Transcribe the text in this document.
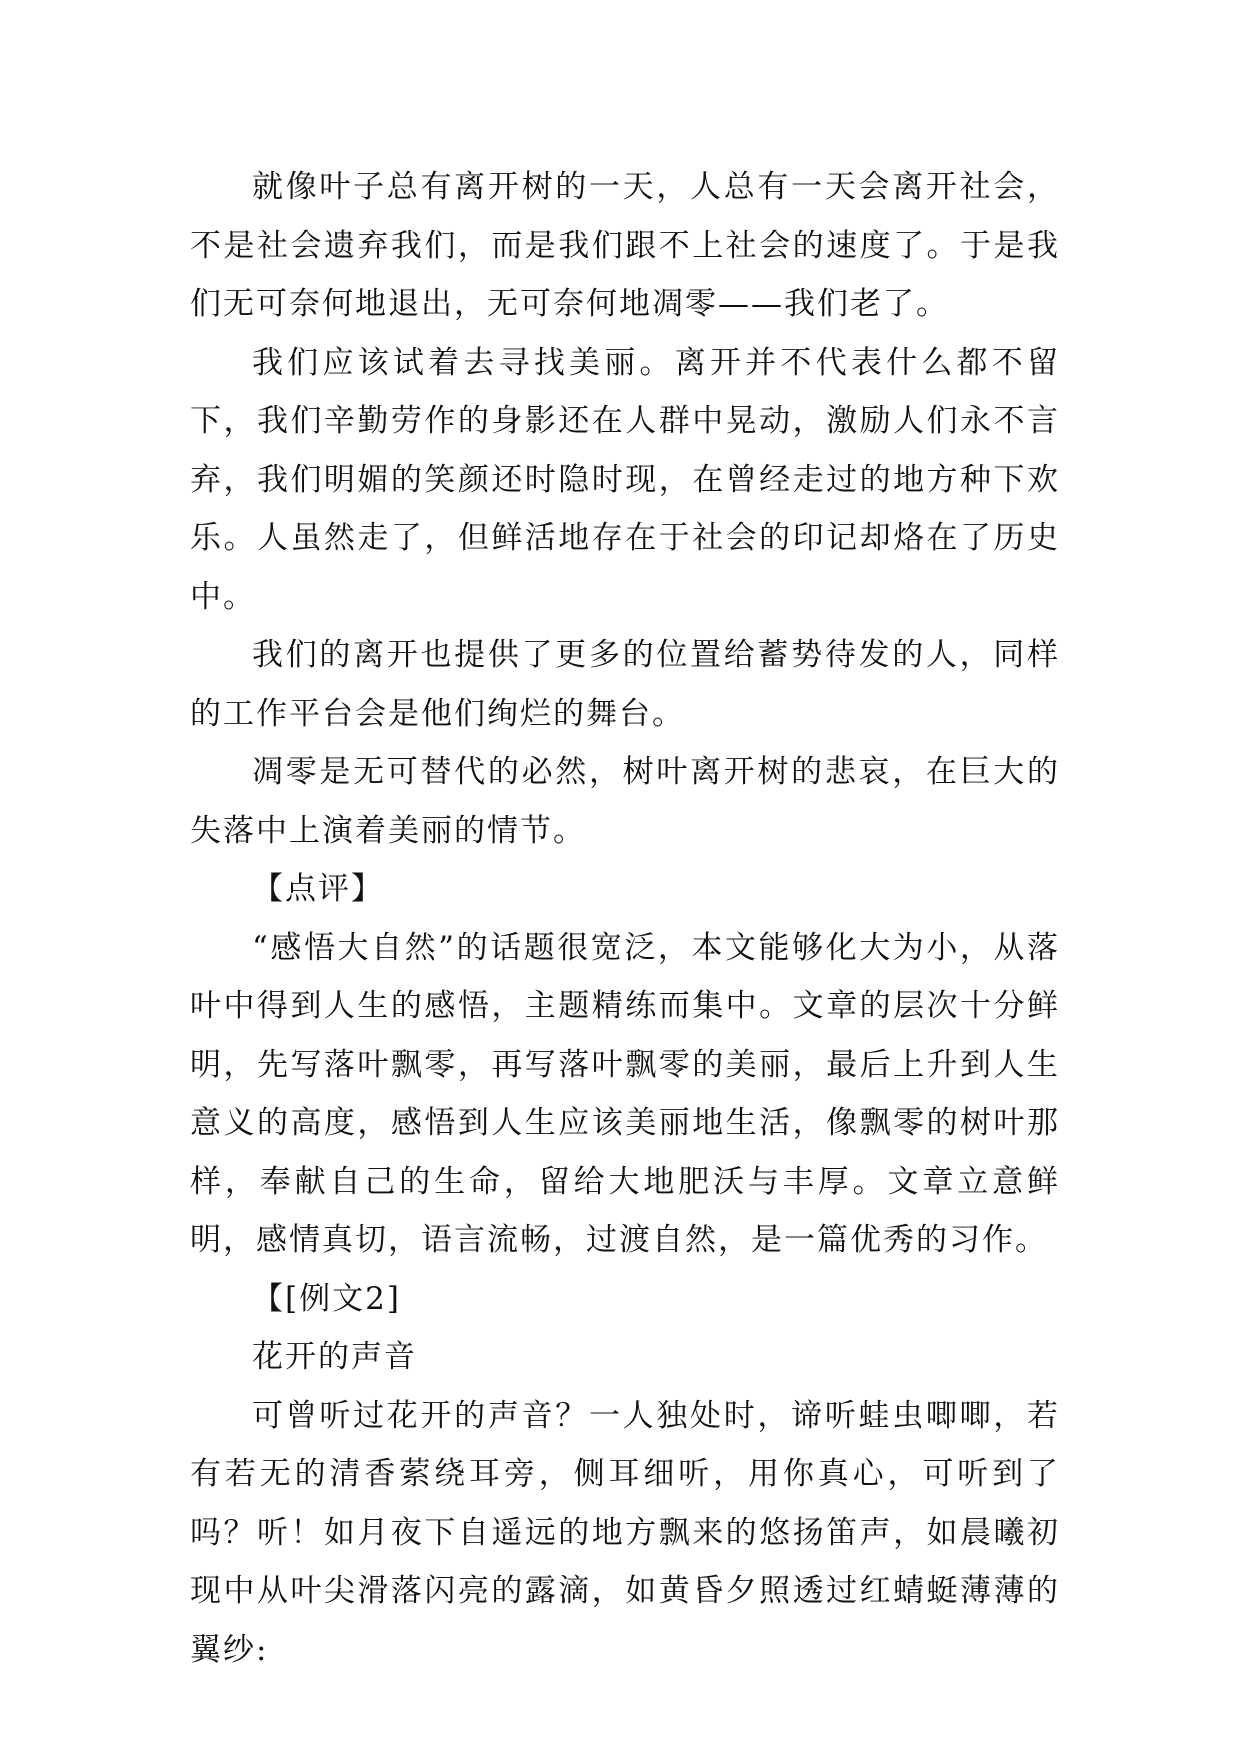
就像叶子总有离开树的一天，人总有一天会离开社会，不是社会遗弃我们，而是我们跟不上社会的速度了。于是我们无可奈何地退出，无可奈何地凋零——我们老了。

我们应该试着去寻找美丽。离开并不代表什么都不留下，我们辛勤劳作的身影还在人群中晃动，激励人们永不言弃，我们明媚的笑颜还时隐时现，在曾经走过的地方种下欢乐。人虽然走了，但鲜活地存在于社会的印记却烙在了历史中。

我们的离开也提供了更多的位置给蓄势待发的人，同样的工作平台会是他们绚烂的舞台。

凋零是无可替代的必然，树叶离开树的悲哀，在巨大的失落中上演着美丽的情节。

【点评】

“感悟大自然”的话题很宽泛，本文能够化大为小，从落叶中得到人生的感悟，主题精练而集中。文章的层次十分鲜明，先写落叶飘零，再写落叶飘零的美丽，最后上升到人生意义的高度，感悟到人生应该美丽地生活，像飘零的树叶那样，奉献自己的生命，留给大地肥沃与丰厚。文章立意鲜明，感情真切，语言流畅，过渡自然，是一篇优秀的习作。

【[例文2]

花开的声音

可曾听过花开的声音？一人独处时，谛听蛙虫唧唧，若有若无的清香萦绕耳旁，侧耳细听，用你真心，可听到了吗？听！如月夜下自遥远的地方飘来的悠扬笛声，如晨曦初现中从叶尖滑落闪亮的露滴，如黄昏夕照透过红蜻蜓薄薄的翼纱:
